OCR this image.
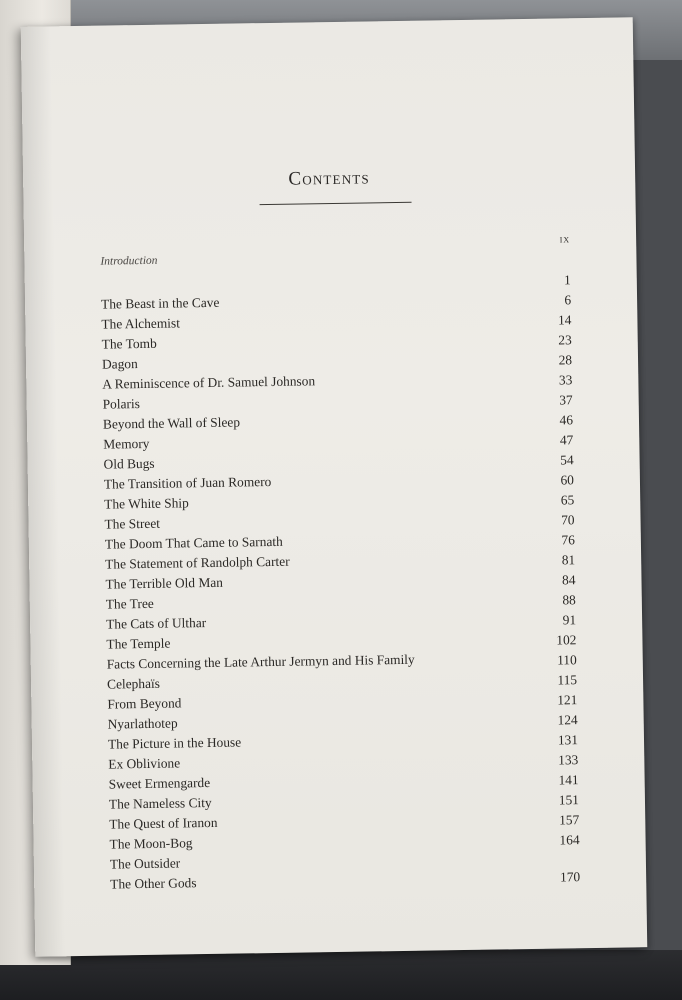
Contents
Introduction
ix
The Beast in the Cave
1
The Alchemist
6
The Tomb
14
Dagon
23
A Reminiscence of Dr. Samuel Johnson
28
Polaris
33
Beyond the Wall of Sleep
37
Memory
46
Old Bugs
47
The Transition of Juan Romero
54
The White Ship
60
The Street
65
The Doom That Came to Sarnath
70
The Statement of Randolph Carter
76
The Terrible Old Man
81
The Tree
84
The Cats of Ulthar
88
The Temple
91
Facts Concerning the Late Arthur Jermyn and His Family
102
Celephaïs
110
From Beyond
115
Nyarlathotep
121
The Picture in the House
124
Ex Oblivione
131
Sweet Ermengarde
133
The Nameless City
141
The Quest of Iranon
151
The Moon-Bog
157
The Outsider
164
The Other Gods	170
